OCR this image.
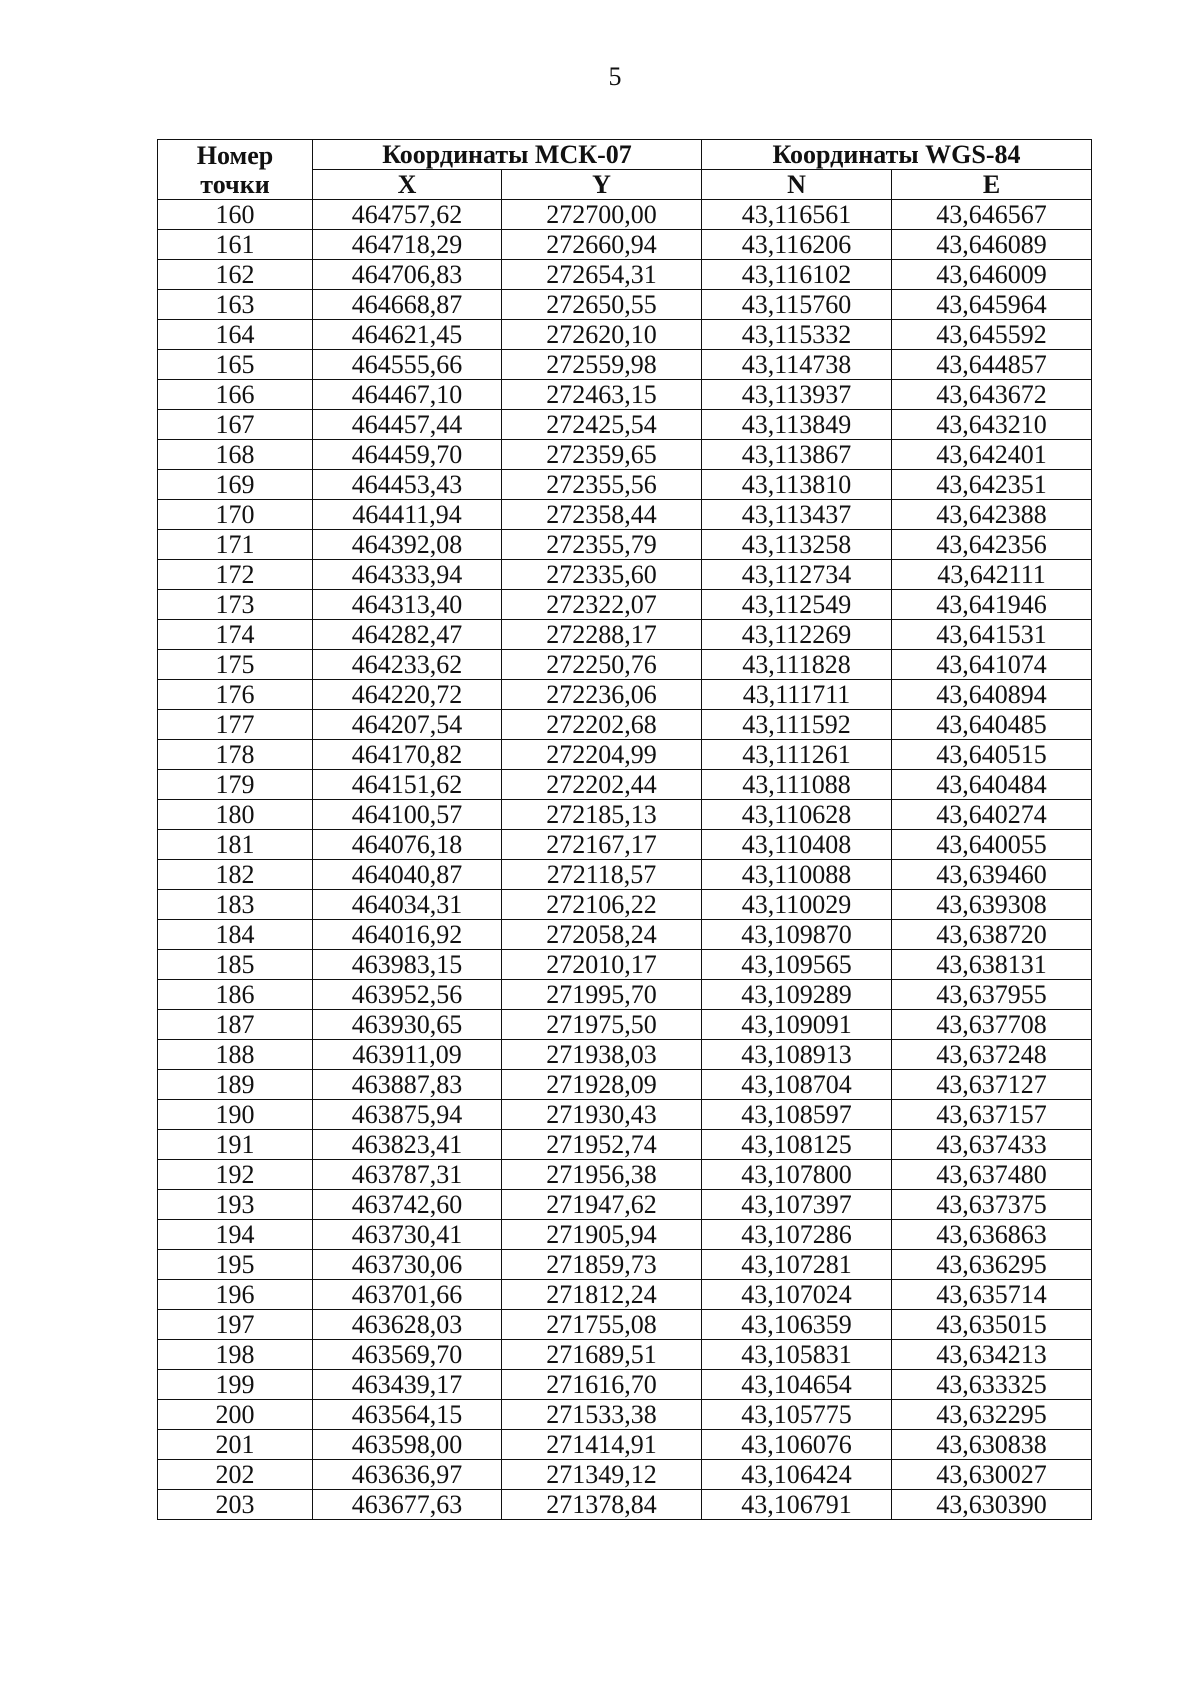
5
Номер
точки	Координаты МСК-07		Координаты WGS-84	
	X	Y	N	E
160	464757,62	272700,00	43,116561	43,646567
161	464718,29	272660,94	43,116206	43,646089
162	464706,83	272654,31	43,116102	43,646009
163	464668,87	272650,55	43,115760	43,645964
164	464621,45	272620,10	43,115332	43,645592
165	464555,66	272559,98	43,114738	43,644857
166	464467,10	272463,15	43,113937	43,643672
167	464457,44	272425,54	43,113849	43,643210
168	464459,70	272359,65	43,113867	43,642401
169	464453,43	272355,56	43,113810	43,642351
170	464411,94	272358,44	43,113437	43,642388
171	464392,08	272355,79	43,113258	43,642356
172	464333,94	272335,60	43,112734	43,642111
173	464313,40	272322,07	43,112549	43,641946
174	464282,47	272288,17	43,112269	43,641531
175	464233,62	272250,76	43,111828	43,641074
176	464220,72	272236,06	43,111711	43,640894
177	464207,54	272202,68	43,111592	43,640485
178	464170,82	272204,99	43,111261	43,640515
179	464151,62	272202,44	43,111088	43,640484
180	464100,57	272185,13	43,110628	43,640274
181	464076,18	272167,17	43,110408	43,640055
182	464040,87	272118,57	43,110088	43,639460
183	464034,31	272106,22	43,110029	43,639308
184	464016,92	272058,24	43,109870	43,638720
185	463983,15	272010,17	43,109565	43,638131
186	463952,56	271995,70	43,109289	43,637955
187	463930,65	271975,50	43,109091	43,637708
188	463911,09	271938,03	43,108913	43,637248
189	463887,83	271928,09	43,108704	43,637127
190	463875,94	271930,43	43,108597	43,637157
191	463823,41	271952,74	43,108125	43,637433
192	463787,31	271956,38	43,107800	43,637480
193	463742,60	271947,62	43,107397	43,637375
194	463730,41	271905,94	43,107286	43,636863
195	463730,06	271859,73	43,107281	43,636295
196	463701,66	271812,24	43,107024	43,635714
197	463628,03	271755,08	43,106359	43,635015
198	463569,70	271689,51	43,105831	43,634213
199	463439,17	271616,70	43,104654	43,633325
200	463564,15	271533,38	43,105775	43,632295
201	463598,00	271414,91	43,106076	43,630838
202	463636,97	271349,12	43,106424	43,630027
203	463677,63	271378,84	43,106791	43,630390
